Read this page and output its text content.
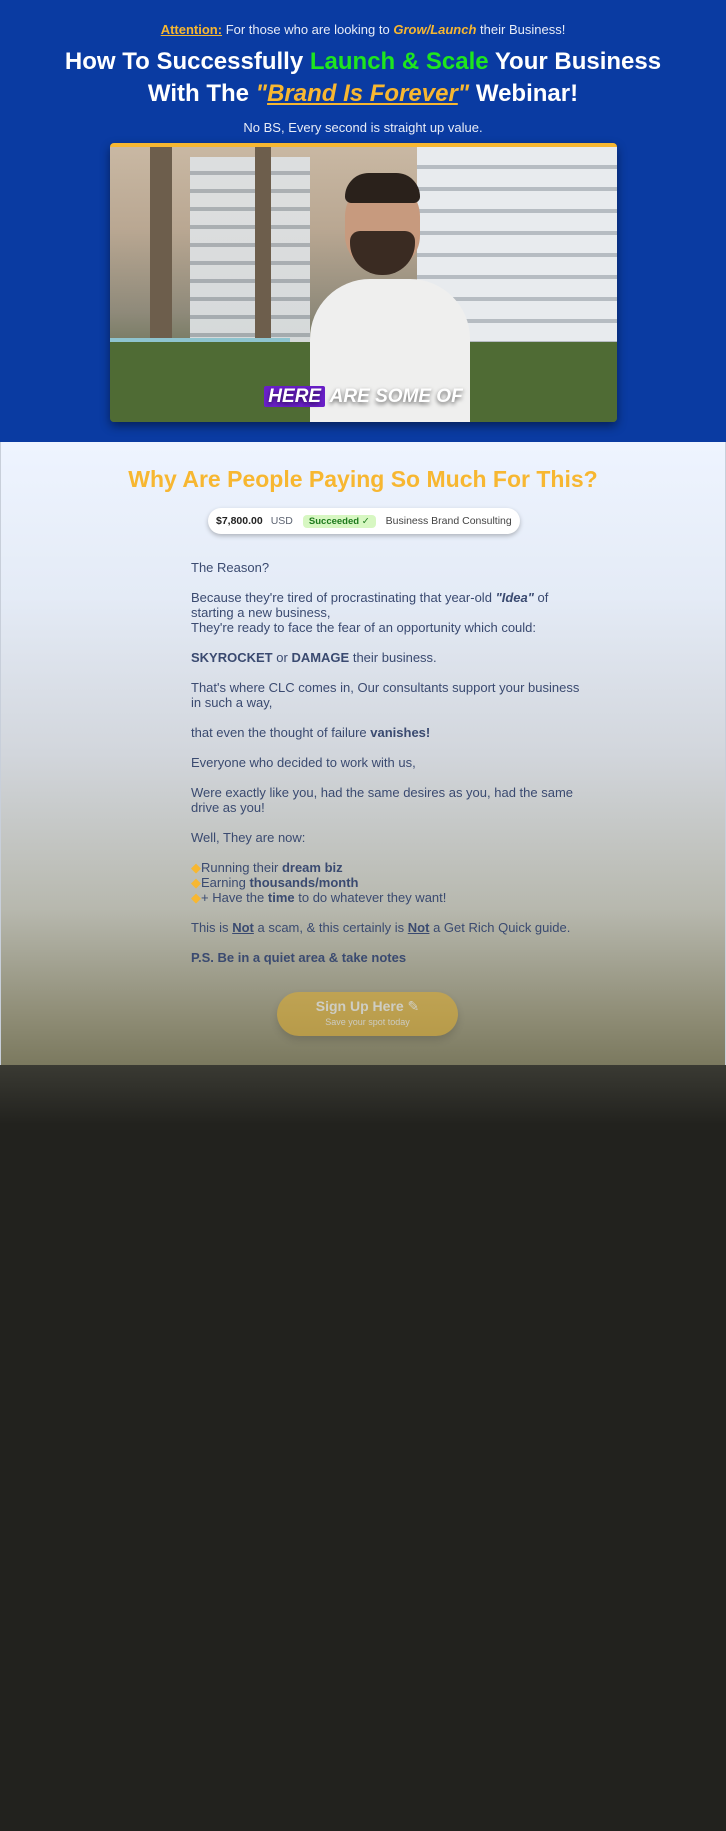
Attention: For those who are looking to Grow/Launch their Business!
How To Successfully Launch & Scale Your Business
With The "Brand Is Forever" Webinar!
No BS, Every second is straight up value.
HERE ARE SOME OF
Why Are People Paying So Much For This?
$7,800.00 USD	Succeeded ✓	Business Brand Consulting

The Reason?

Because they're tired of procrastinating that year-old "Idea" of starting a new business,
They're ready to face the fear of an opportunity which could:

SKYROCKET or DAMAGE their business.

That's where CLC comes in, Our consultants support your business in such a way,

that even the thought of failure vanishes!

Everyone who decided to work with us,

Were exactly like you, had the same desires as you, had the same drive as you!

Well, They are now:

◆Running their dream biz
◆Earning thousands/month
◆+ Have the time to do whatever they want!

This is Not a scam, & this certainly is Not a Get Rich Quick guide.

P.S. Be in a quiet area & take notes

Sign Up Here ✎
Save your spot today
